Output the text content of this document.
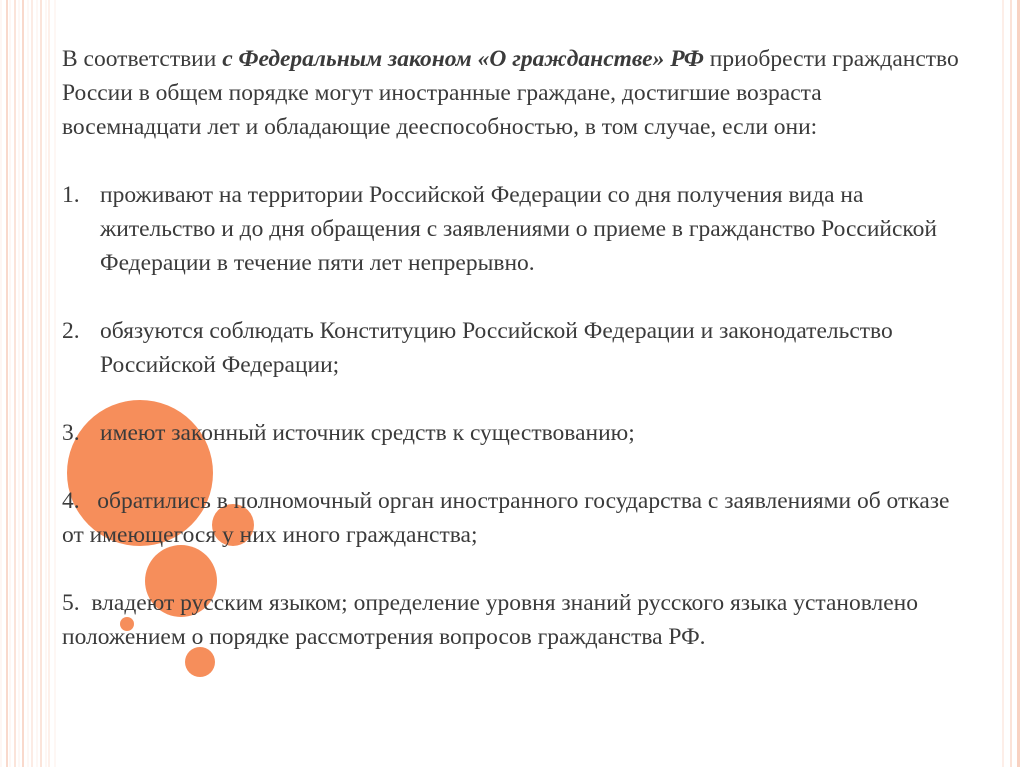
В соответствии с Федеральным законом «О гражданстве» РФ приобрести гражданство России в общем порядке могут иностранные граждане, достигшие возраста восемнадцати лет и обладающие дееспособностью, в том случае, если они:

1. проживают на территории Российской Федерации со дня получения вида на жительство и до дня обращения с заявлениями о приеме в гражданство Российской Федерации в течение пяти лет непрерывно.
2. обязуются соблюдать Конституцию Российской Федерации и законодательство Российской Федерации;
3. имеют законный источник средств к существованию;

4. обратились в полномочный орган иностранного государства с заявлениями об отказе от имеющегося у них иного гражданства;

5. владеют русским языком; определение уровня знаний русского языка установлено положением о порядке рассмотрения вопросов гражданства РФ.
